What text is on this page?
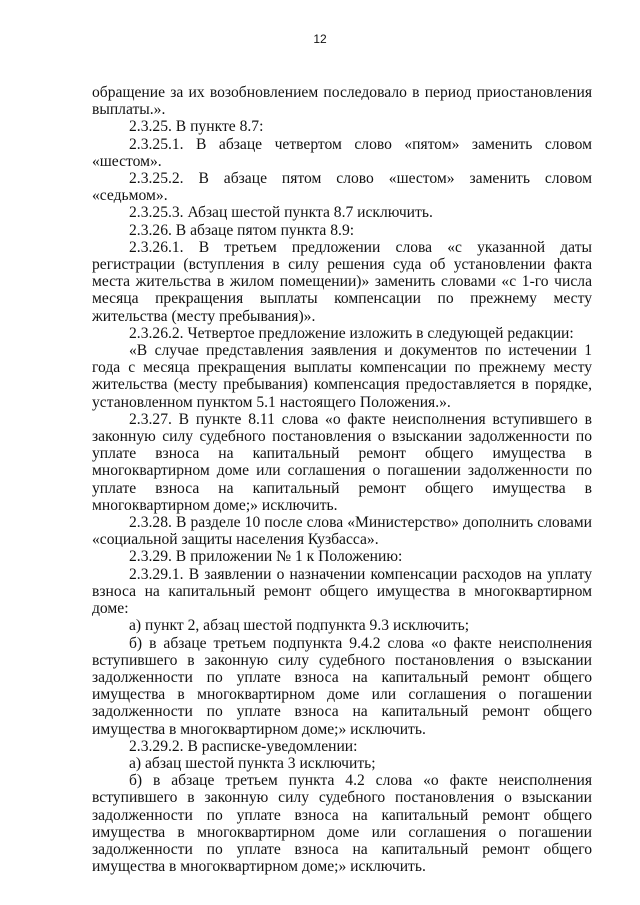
12

обращение за их возобновлением последовало в период приостановления выплаты.».

2.3.25. В пункте 8.7:

2.3.25.1. В абзаце четвертом слово «пятом» заменить словом «шестом».

2.3.25.2. В абзаце пятом слово «шестом» заменить словом «седьмом».

2.3.25.3. Абзац шестой пункта 8.7 исключить.

2.3.26. В абзаце пятом пункта 8.9:

2.3.26.1. В третьем предложении слова «с указанной даты регистрации (вступления в силу решения суда об установлении факта места жительства в жилом помещении)» заменить словами «с 1-го числа месяца прекращения выплаты компенсации по прежнему месту жительства (месту пребывания)».

2.3.26.2. Четвертое предложение изложить в следующей редакции:

«В случае представления заявления и документов по истечении 1 года с месяца прекращения выплаты компенсации по прежнему месту жительства (месту пребывания) компенсация предоставляется в порядке, установленном пунктом 5.1 настоящего Положения.».

2.3.27. В пункте 8.11 слова «о факте неисполнения вступившего в законную силу судебного постановления о взыскании задолженности по уплате взноса на капитальный ремонт общего имущества в многоквартирном доме или соглашения о погашении задолженности по уплате взноса на капитальный ремонт общего имущества в многоквартирном доме;» исключить.

2.3.28. В разделе 10 после слова «Министерство» дополнить словами «социальной защиты населения Кузбасса».

2.3.29. В приложении № 1 к Положению:

2.3.29.1. В заявлении о назначении компенсации расходов на уплату взноса на капитальный ремонт общего имущества в многоквартирном доме:

а) пункт 2, абзац шестой подпункта 9.3 исключить;

б) в абзаце третьем подпункта 9.4.2 слова «о факте неисполнения вступившего в законную силу судебного постановления о взыскании задолженности по уплате взноса на капитальный ремонт общего имущества в многоквартирном доме или соглашения о погашении задолженности по уплате взноса на капитальный ремонт общего имущества в многоквартирном доме;» исключить.

2.3.29.2. В расписке-уведомлении:

а) абзац шестой пункта 3 исключить;

б) в абзаце третьем пункта 4.2 слова «о факте неисполнения вступившего в законную силу судебного постановления о взыскании задолженности по уплате взноса на капитальный ремонт общего имущества в многоквартирном доме или соглашения о погашении задолженности по уплате взноса на капитальный ремонт общего имущества в многоквартирном доме;» исключить.
